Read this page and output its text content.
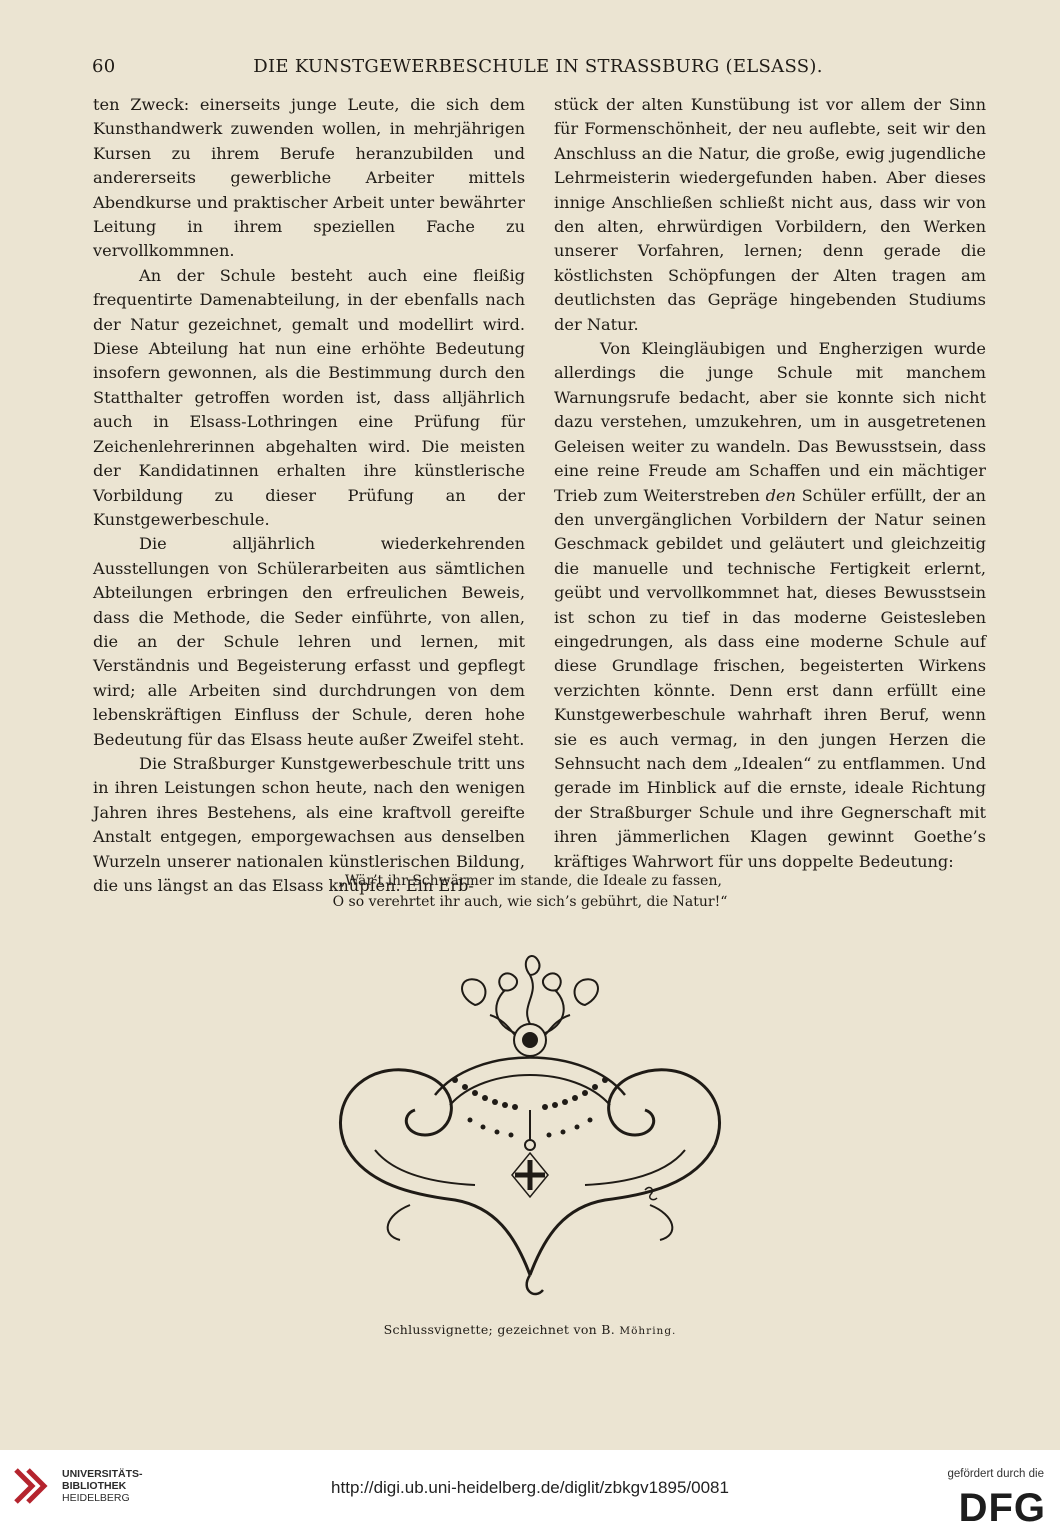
60	DIE KUNSTGEWERBESCHULE IN STRASSBURG (ELSASS).

ten Zweck: einerseits junge Leute, die sich dem Kunsthandwerk zuwenden wollen, in mehrjährigen Kursen zu ihrem Berufe heranzubilden und andererseits gewerbliche Arbeiter mittels Abendkurse und praktischer Arbeit unter bewährter Leitung in ihrem speziellen Fache zu vervollkommnen.

An der Schule besteht auch eine fleißig frequentirte Damenabteilung, in der ebenfalls nach der Natur gezeichnet, gemalt und modellirt wird. Diese Abteilung hat nun eine erhöhte Bedeutung insofern gewonnen, als die Bestimmung durch den Statthalter getroffen worden ist, dass alljährlich auch in Elsass-Lothringen eine Prüfung für Zeichenlehrerinnen abgehalten wird. Die meisten der Kandidatinnen erhalten ihre künstlerische Vorbildung zu dieser Prüfung an der Kunstgewerbeschule.

Die alljährlich wiederkehrenden Ausstellungen von Schülerarbeiten aus sämtlichen Abteilungen erbringen den erfreulichen Beweis, dass die Methode, die Seder einführte, von allen, die an der Schule lehren und lernen, mit Verständnis und Begeisterung erfasst und gepflegt wird; alle Arbeiten sind durchdrungen von dem lebenskräftigen Einfluss der Schule, deren hohe Bedeutung für das Elsass heute außer Zweifel steht.

Die Straßburger Kunstgewerbeschule tritt uns in ihren Leistungen schon heute, nach den wenigen Jahren ihres Bestehens, als eine kraftvoll gereifte Anstalt entgegen, emporgewachsen aus denselben Wurzeln unserer nationalen künstlerischen Bildung, die uns längst an das Elsass knüpfen. Ein Erb-

stück der alten Kunstübung ist vor allem der Sinn für Formenschönheit, der neu auflebte, seit wir den Anschluss an die Natur, die große, ewig jugendliche Lehrmeisterin wiedergefunden haben. Aber dieses innige Anschließen schließt nicht aus, dass wir von den alten, ehrwürdigen Vorbildern, den Werken unserer Vorfahren, lernen; denn gerade die köstlichsten Schöpfungen der Alten tragen am deutlichsten das Gepräge hingebenden Studiums der Natur.

Von Kleingläubigen und Engherzigen wurde allerdings die junge Schule mit manchem Warnungsrufe bedacht, aber sie konnte sich nicht dazu verstehen, umzukehren, um in ausgetretenen Geleisen weiter zu wandeln. Das Bewusstsein, dass eine reine Freude am Schaffen und ein mächtiger Trieb zum Weiterstreben den Schüler erfüllt, der an den unvergänglichen Vorbildern der Natur seinen Geschmack gebildet und geläutert und gleichzeitig die manuelle und technische Fertigkeit erlernt, geübt und vervollkommnet hat, dieses Bewusstsein ist schon zu tief in das moderne Geistesleben eingedrungen, als dass eine moderne Schule auf diese Grundlage frischen, begeisterten Wirkens verzichten könnte. Denn erst dann erfüllt eine Kunstgewerbeschule wahrhaft ihren Beruf, wenn sie es auch vermag, in den jungen Herzen die Sehnsucht nach dem „Idealen“ zu entflammen. Und gerade im Hinblick auf die ernste, ideale Richtung der Straßburger Schule und ihre Gegnerschaft mit ihren jämmerlichen Klagen gewinnt Goethe’s kräftiges Wahrwort für uns doppelte Bedeutung:

„Wär’t ihr Schwärmer im stande, die Ideale zu fassen,
O so verehrtet ihr auch, wie sich’s gebührt, die Natur!“
Schlussvignette; gezeichnet von B. Möhring.
UNIVERSITÄTS-
BIBLIOTHEK
HEIDELBERG
http://digi.ub.uni-heidelberg.de/diglit/zbkgv1895/0081
gefördert durch die
DFG
